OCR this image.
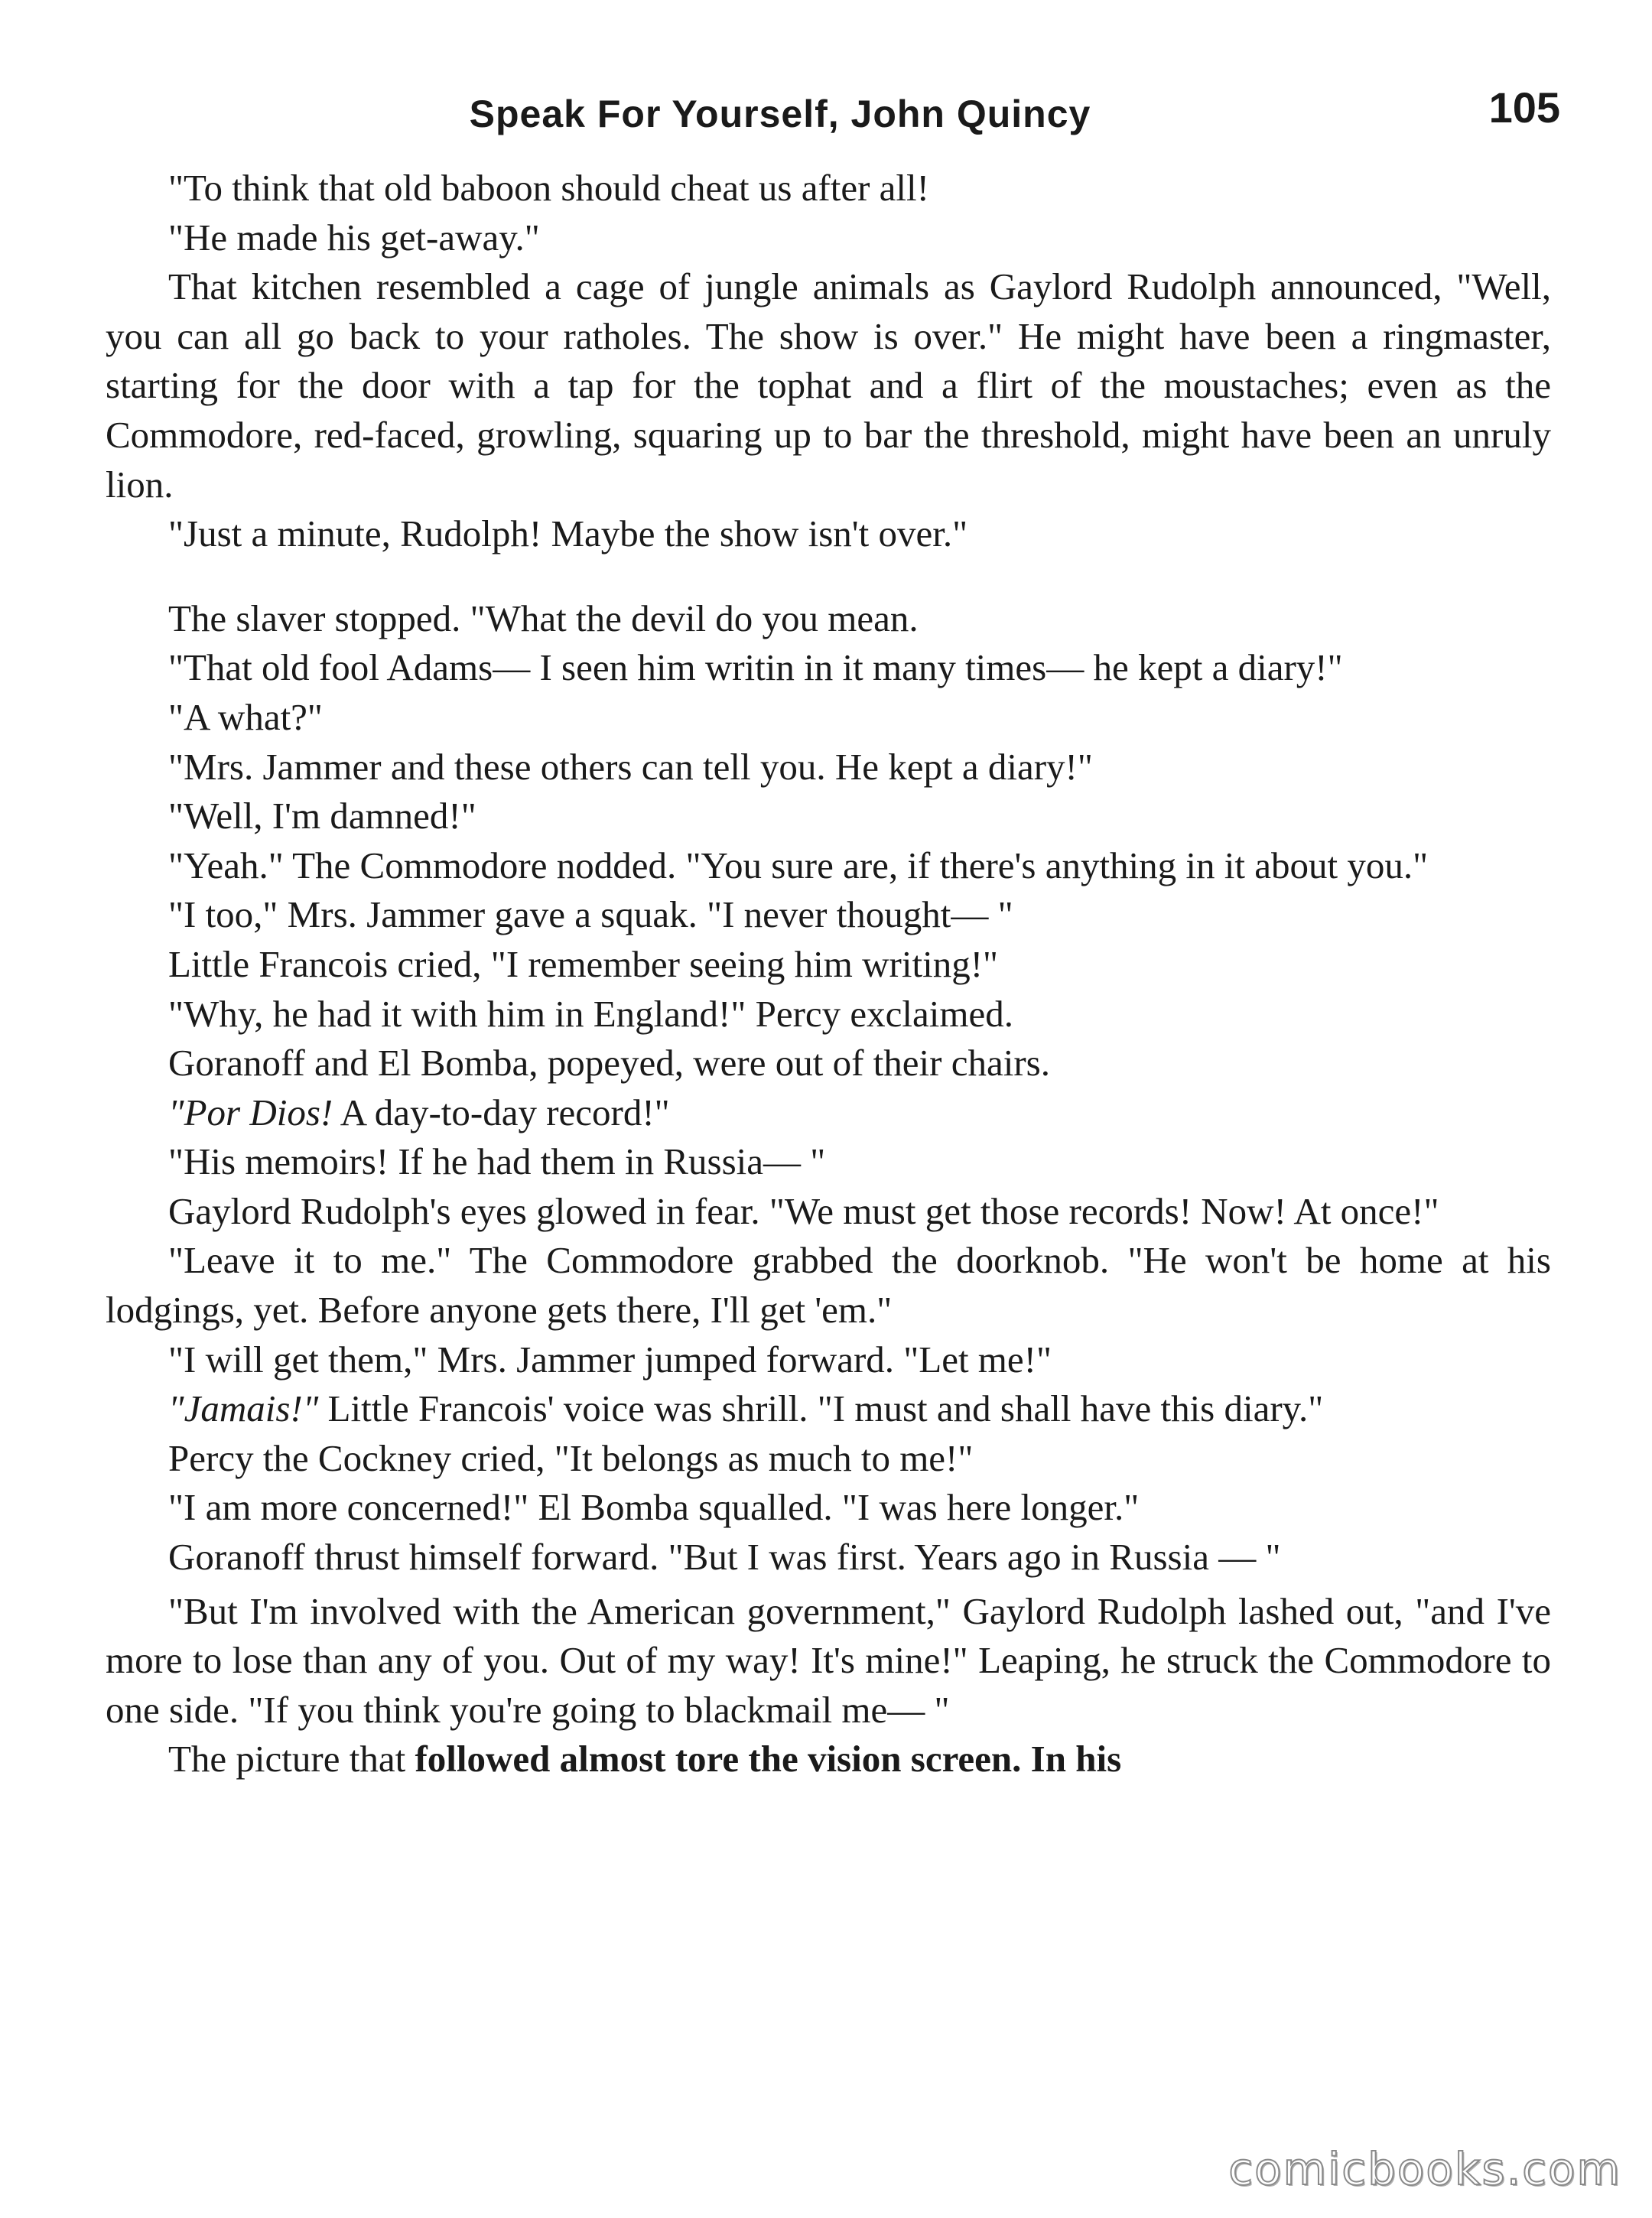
Speak For Yourself, John Quincy	105

"To think that old baboon should cheat us after all!

"He made his get-away."

That kitchen resembled a cage of jungle animals as Gaylord Rudolph announced, "Well, you can all go back to your ratholes. The show is over." He might have been a ringmaster, starting for the door with a tap for the tophat and a flirt of the moustaches; even as the Commodore, red-faced, growling, squaring up to bar the threshold, might have been an unruly lion.

"Just a minute, Rudolph! Maybe the show isn't over."

The slaver stopped. "What the devil do you mean.

"That old fool Adams— I seen him writin in it many times— he kept a diary!"

"A what?"

"Mrs. Jammer and these others can tell you. He kept a diary!"

"Well, I'm damned!"

"Yeah." The Commodore nodded. "You sure are, if there's anything in it about you."

"I too," Mrs. Jammer gave a squak. "I never thought— "

Little Francois cried, "I remember seeing him writing!"

"Why, he had it with him in England!" Percy exclaimed.

Goranoff and El Bomba, popeyed, were out of their chairs.

"Por Dios! A day-to-day record!"

"His memoirs! If he had them in Russia— "

Gaylord Rudolph's eyes glowed in fear. "We must get those records! Now! At once!"

"Leave it to me." The Commodore grabbed the doorknob. "He won't be home at his lodgings, yet. Before anyone gets there, I'll get 'em."

"I will get them," Mrs. Jammer jumped forward. "Let me!"

"Jamais!" Little Francois' voice was shrill. "I must and shall have this diary."

Percy the Cockney cried, "It belongs as much to me!"

"I am more concerned!" El Bomba squalled. "I was here longer."

Goranoff thrust himself forward. "But I was first. Years ago in Russia — "

"But I'm involved with the American government," Gaylord Rudolph lashed out, "and I've more to lose than any of you. Out of my way! It's mine!" Leaping, he struck the Commodore to one side. "If you think you're going to blackmail me— "

The picture that followed almost tore the vision screen. In his

comicbooks.com
